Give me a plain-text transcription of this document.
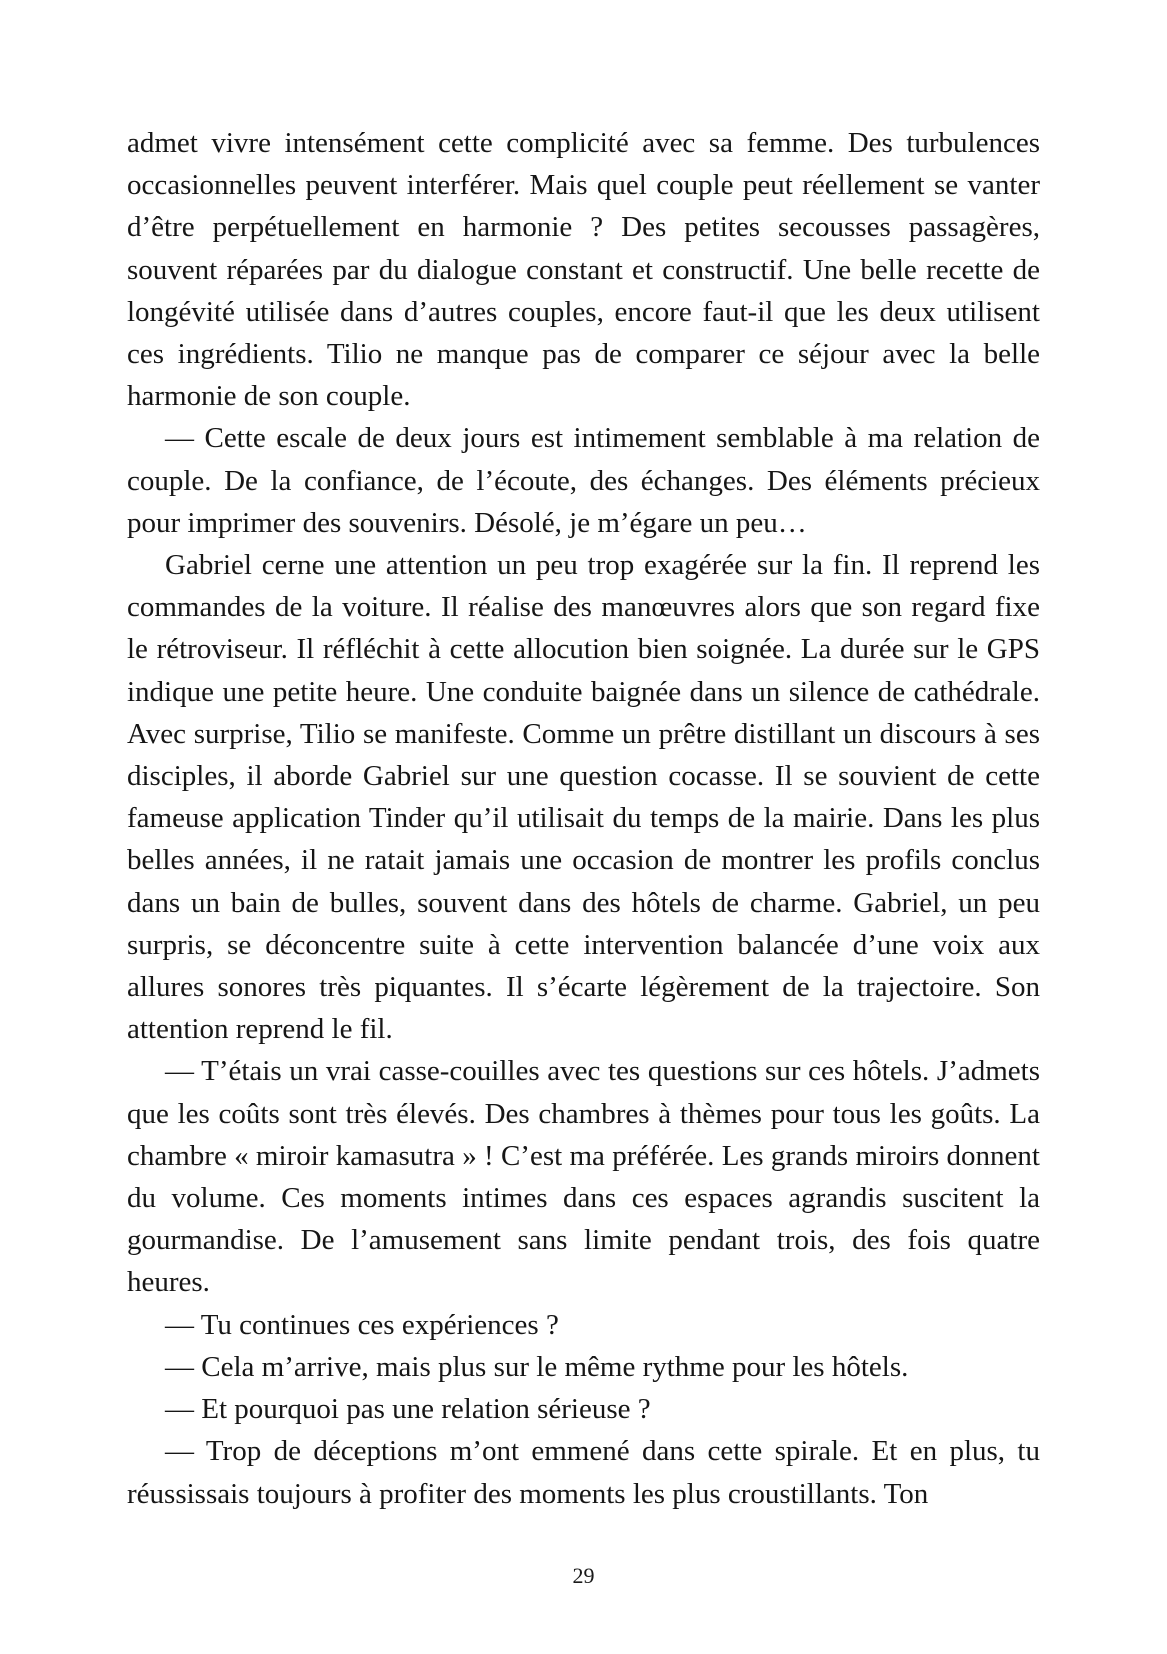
admet vivre intensément cette complicité avec sa femme. Des turbulences occasionnelles peuvent interférer. Mais quel couple peut réellement se vanter d’être perpétuellement en harmonie ? Des petites secousses passagères, souvent réparées par du dialogue constant et constructif. Une belle recette de longévité utilisée dans d’autres couples, encore faut-il que les deux utilisent ces ingrédients. Tilio ne manque pas de comparer ce séjour avec la belle harmonie de son couple.

— Cette escale de deux jours est intimement semblable à ma relation de couple. De la confiance, de l’écoute, des échanges. Des éléments précieux pour imprimer des souvenirs. Désolé, je m’égare un peu…

Gabriel cerne une attention un peu trop exagérée sur la fin. Il reprend les commandes de la voiture. Il réalise des manœuvres alors que son regard fixe le rétroviseur. Il réfléchit à cette allocution bien soignée. La durée sur le GPS indique une petite heure. Une conduite baignée dans un silence de cathédrale. Avec surprise, Tilio se manifeste. Comme un prêtre distillant un discours à ses disciples, il aborde Gabriel sur une question cocasse. Il se souvient de cette fameuse application Tinder qu’il utilisait du temps de la mairie. Dans les plus belles années, il ne ratait jamais une occasion de montrer les profils conclus dans un bain de bulles, souvent dans des hôtels de charme. Gabriel, un peu surpris, se déconcentre suite à cette intervention balancée d’une voix aux allures sonores très piquantes. Il s’écarte légèrement de la trajectoire. Son attention reprend le fil.

— T’étais un vrai casse-couilles avec tes questions sur ces hôtels. J’admets que les coûts sont très élevés. Des chambres à thèmes pour tous les goûts. La chambre « miroir kamasutra » ! C’est ma préférée. Les grands miroirs donnent du volume. Ces moments intimes dans ces espaces agrandis suscitent la gourmandise. De l’amusement sans limite pendant trois, des fois quatre heures.

— Tu continues ces expériences ?

— Cela m’arrive, mais plus sur le même rythme pour les hôtels.

— Et pourquoi pas une relation sérieuse ?

— Trop de déceptions m’ont emmené dans cette spirale. Et en plus, tu réussissais toujours à profiter des moments les plus croustillants. Ton

29
